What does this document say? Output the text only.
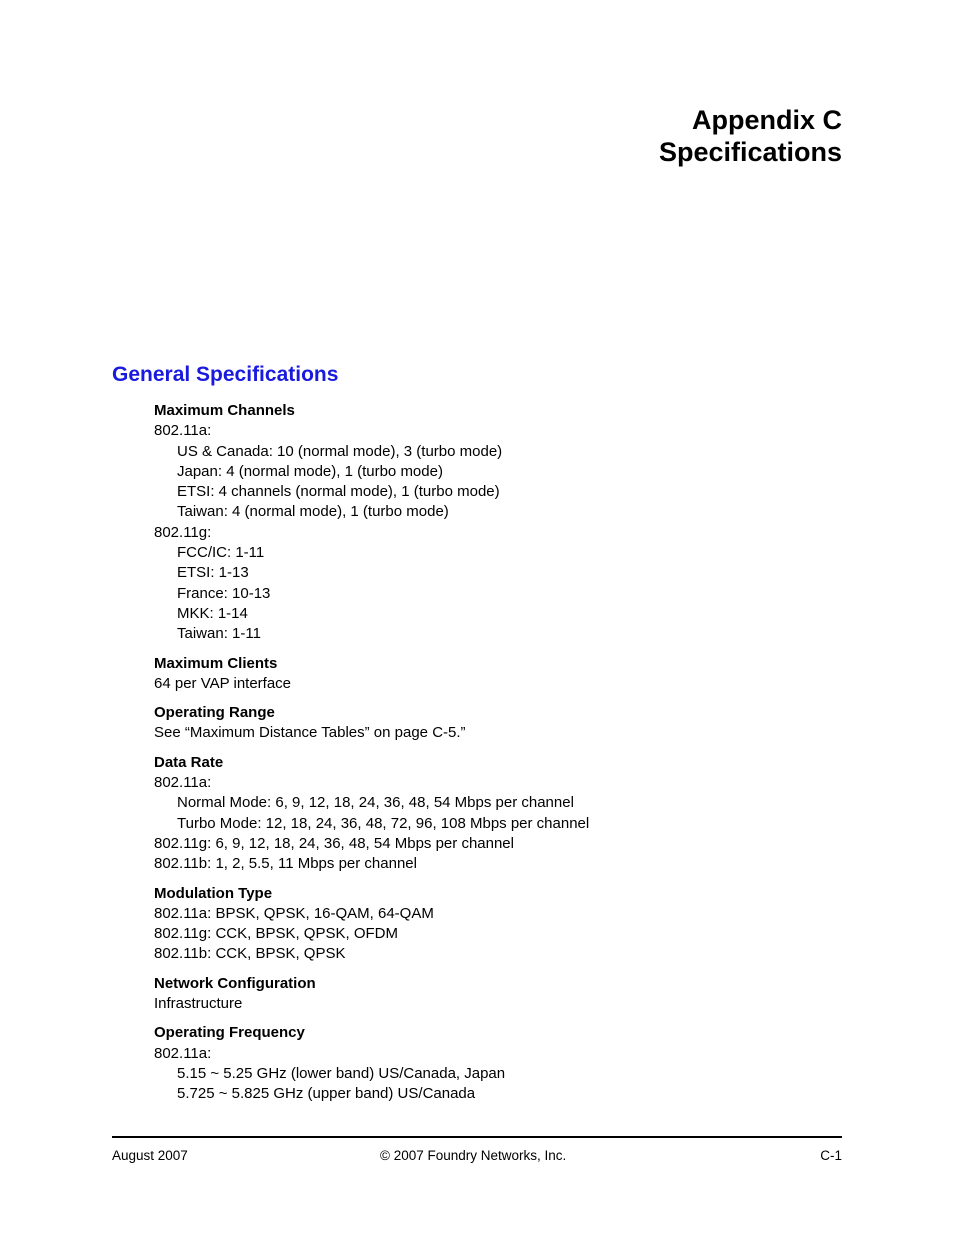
Appendix C
Specifications
General Specifications
Maximum Channels
802.11a:
US & Canada: 10 (normal mode), 3 (turbo mode)
Japan: 4 (normal mode), 1 (turbo mode)
ETSI: 4 channels (normal mode), 1 (turbo mode)
Taiwan: 4 (normal mode), 1 (turbo mode)
802.11g:
FCC/IC: 1-11
ETSI: 1-13
France: 10-13
MKK: 1-14
Taiwan: 1-11
Maximum Clients
64 per VAP interface
Operating Range
See “Maximum Distance Tables” on page C-5.”
Data Rate
802.11a:
Normal Mode: 6, 9, 12, 18, 24, 36, 48, 54 Mbps per channel
Turbo Mode: 12, 18, 24, 36, 48, 72, 96, 108 Mbps per channel
802.11g: 6, 9, 12, 18, 24, 36, 48, 54 Mbps per channel
802.11b: 1, 2, 5.5, 11 Mbps per channel
Modulation Type
802.11a: BPSK, QPSK, 16-QAM, 64-QAM
802.11g: CCK, BPSK, QPSK, OFDM
802.11b: CCK, BPSK, QPSK
Network Configuration
Infrastructure
Operating Frequency
802.11a:
5.15 ~ 5.25 GHz (lower band) US/Canada, Japan
5.725 ~ 5.825 GHz (upper band) US/Canada
August 2007	© 2007 Foundry Networks, Inc.	C-1
